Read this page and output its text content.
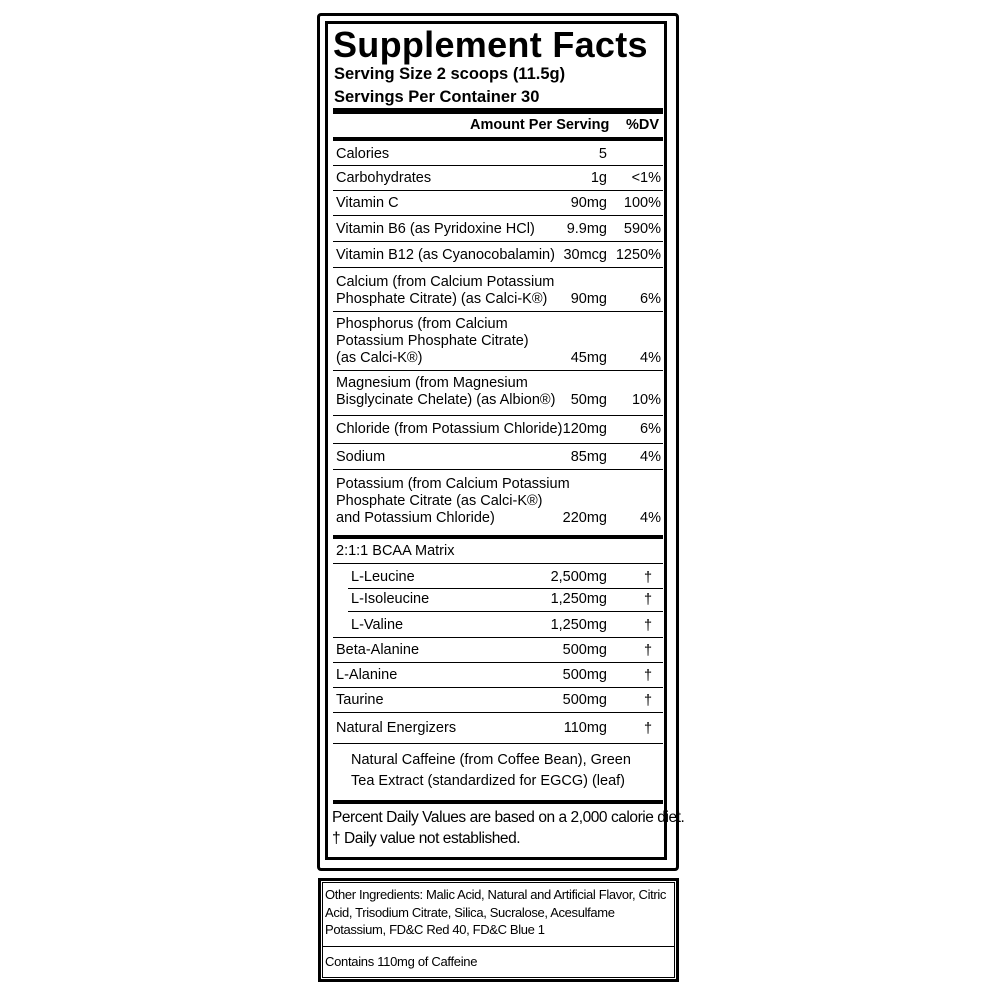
Supplement Facts
Serving Size 2 scoops (11.5g)
Servings Per Container 30
Amount Per Serving %DV
Calories	5
Carbohydrates	1g	<1%
Vitamin C	90mg	100%
Vitamin B6 (as Pyridoxine HCl)	9.9mg	590%
Vitamin B12 (as Cyanocobalamin) 30mcg 1250%
Calcium (from Calcium Potassium
Phosphate Citrate) (as Calci-K®)	90mg	6%
Phosphorus (from Calcium
Potassium Phosphate Citrate)
(as Calci-K®)	45mg	4%
Magnesium (from Magnesium
Bisglycinate Chelate) (as Albion®)	50mg	10%
Chloride (from Potassium Chloride) 120mg	6%
Sodium	85mg	4%
Potassium (from Calcium Potassium
Phosphate Citrate (as Calci-K®)
and Potassium Chloride)	220mg	4%
2:1:1 BCAA Matrix
L-Leucine	2,500mg	†
L-Isoleucine	1,250mg	†
L-Valine	1,250mg	†
Beta-Alanine	500mg	†
L-Alanine	500mg	†
Taurine	500mg	†
Natural Energizers	110mg	†
Natural Caffeine (from Coffee Bean), Green
Tea Extract (standardized for EGCG) (leaf)
Percent Daily Values are based on a 2,000 calorie diet.
† Daily value not established.
Other Ingredients: Malic Acid, Natural and Artificial Flavor, Citric Acid, Trisodium Citrate, Silica, Sucralose, Acesulfame Potassium, FD&C Red 40, FD&C Blue 1
Contains 110mg of Caffeine
